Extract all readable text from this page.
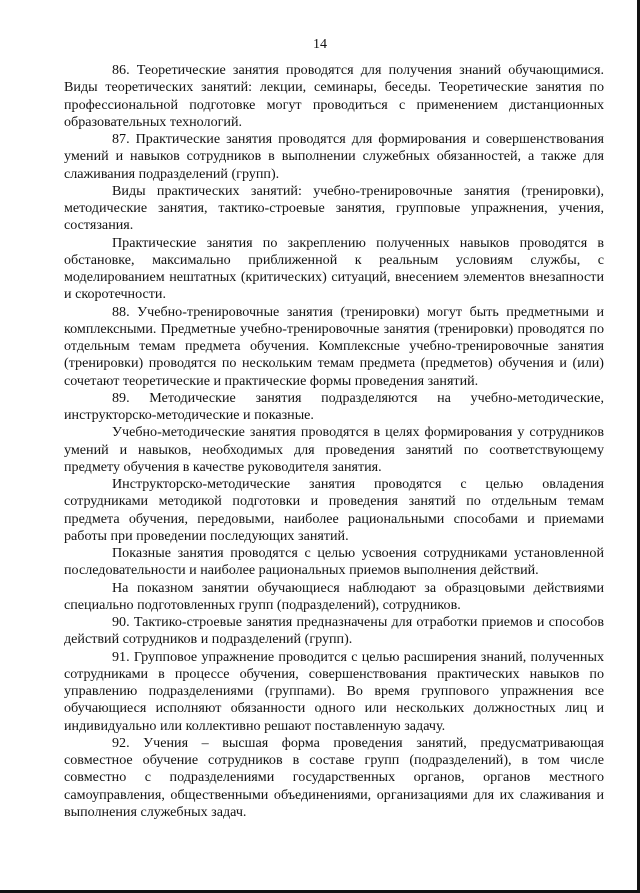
14

86. Теоретические занятия проводятся для получения знаний обучающимися. Виды теоретических занятий: лекции, семинары, беседы. Теоретические занятия по профессиональной подготовке могут проводиться с применением дистанционных образовательных технологий.

87. Практические занятия проводятся для формирования и совершенствования умений и навыков сотрудников в выполнении служебных обязанностей, а также для слаживания подразделений (групп).

Виды практических занятий: учебно-тренировочные занятия (тренировки), методические занятия, тактико-строевые занятия, групповые упражнения, учения, состязания.

Практические занятия по закреплению полученных навыков проводятся в обстановке, максимально приближенной к реальным условиям службы, с моделированием нештатных (критических) ситуаций, внесением элементов внезапности и скоротечности.

88. Учебно-тренировочные занятия (тренировки) могут быть предметными и комплексными. Предметные учебно-тренировочные занятия (тренировки) проводятся по отдельным темам предмета обучения. Комплексные учебно-тренировочные занятия (тренировки) проводятся по нескольким темам предмета (предметов) обучения и (или) сочетают теоретические и практические формы проведения занятий.

89. Методические занятия подразделяются на учебно-методические, инструкторско-методические и показные.

Учебно-методические занятия проводятся в целях формирования у сотрудников умений и навыков, необходимых для проведения занятий по соответствующему предмету обучения в качестве руководителя занятия.

Инструкторско-методические занятия проводятся с целью овладения сотрудниками методикой подготовки и проведения занятий по отдельным темам предмета обучения, передовыми, наиболее рациональными способами и приемами работы при проведении последующих занятий.

Показные занятия проводятся с целью усвоения сотрудниками установленной последовательности и наиболее рациональных приемов выполнения действий.

На показном занятии обучающиеся наблюдают за образцовыми действиями специально подготовленных групп (подразделений), сотрудников.

90. Тактико-строевые занятия предназначены для отработки приемов и способов действий сотрудников и подразделений (групп).

91. Групповое упражнение проводится с целью расширения знаний, полученных сотрудниками в процессе обучения, совершенствования практических навыков по управлению подразделениями (группами). Во время группового упражнения все обучающиеся исполняют обязанности одного или нескольких должностных лиц и индивидуально или коллективно решают поставленную задачу.

92. Учения – высшая форма проведения занятий, предусматривающая совместное обучение сотрудников в составе групп (подразделений), в том числе совместно с подразделениями государственных органов, органов местного самоуправления, общественными объединениями, организациями для их слаживания и выполнения служебных задач.
